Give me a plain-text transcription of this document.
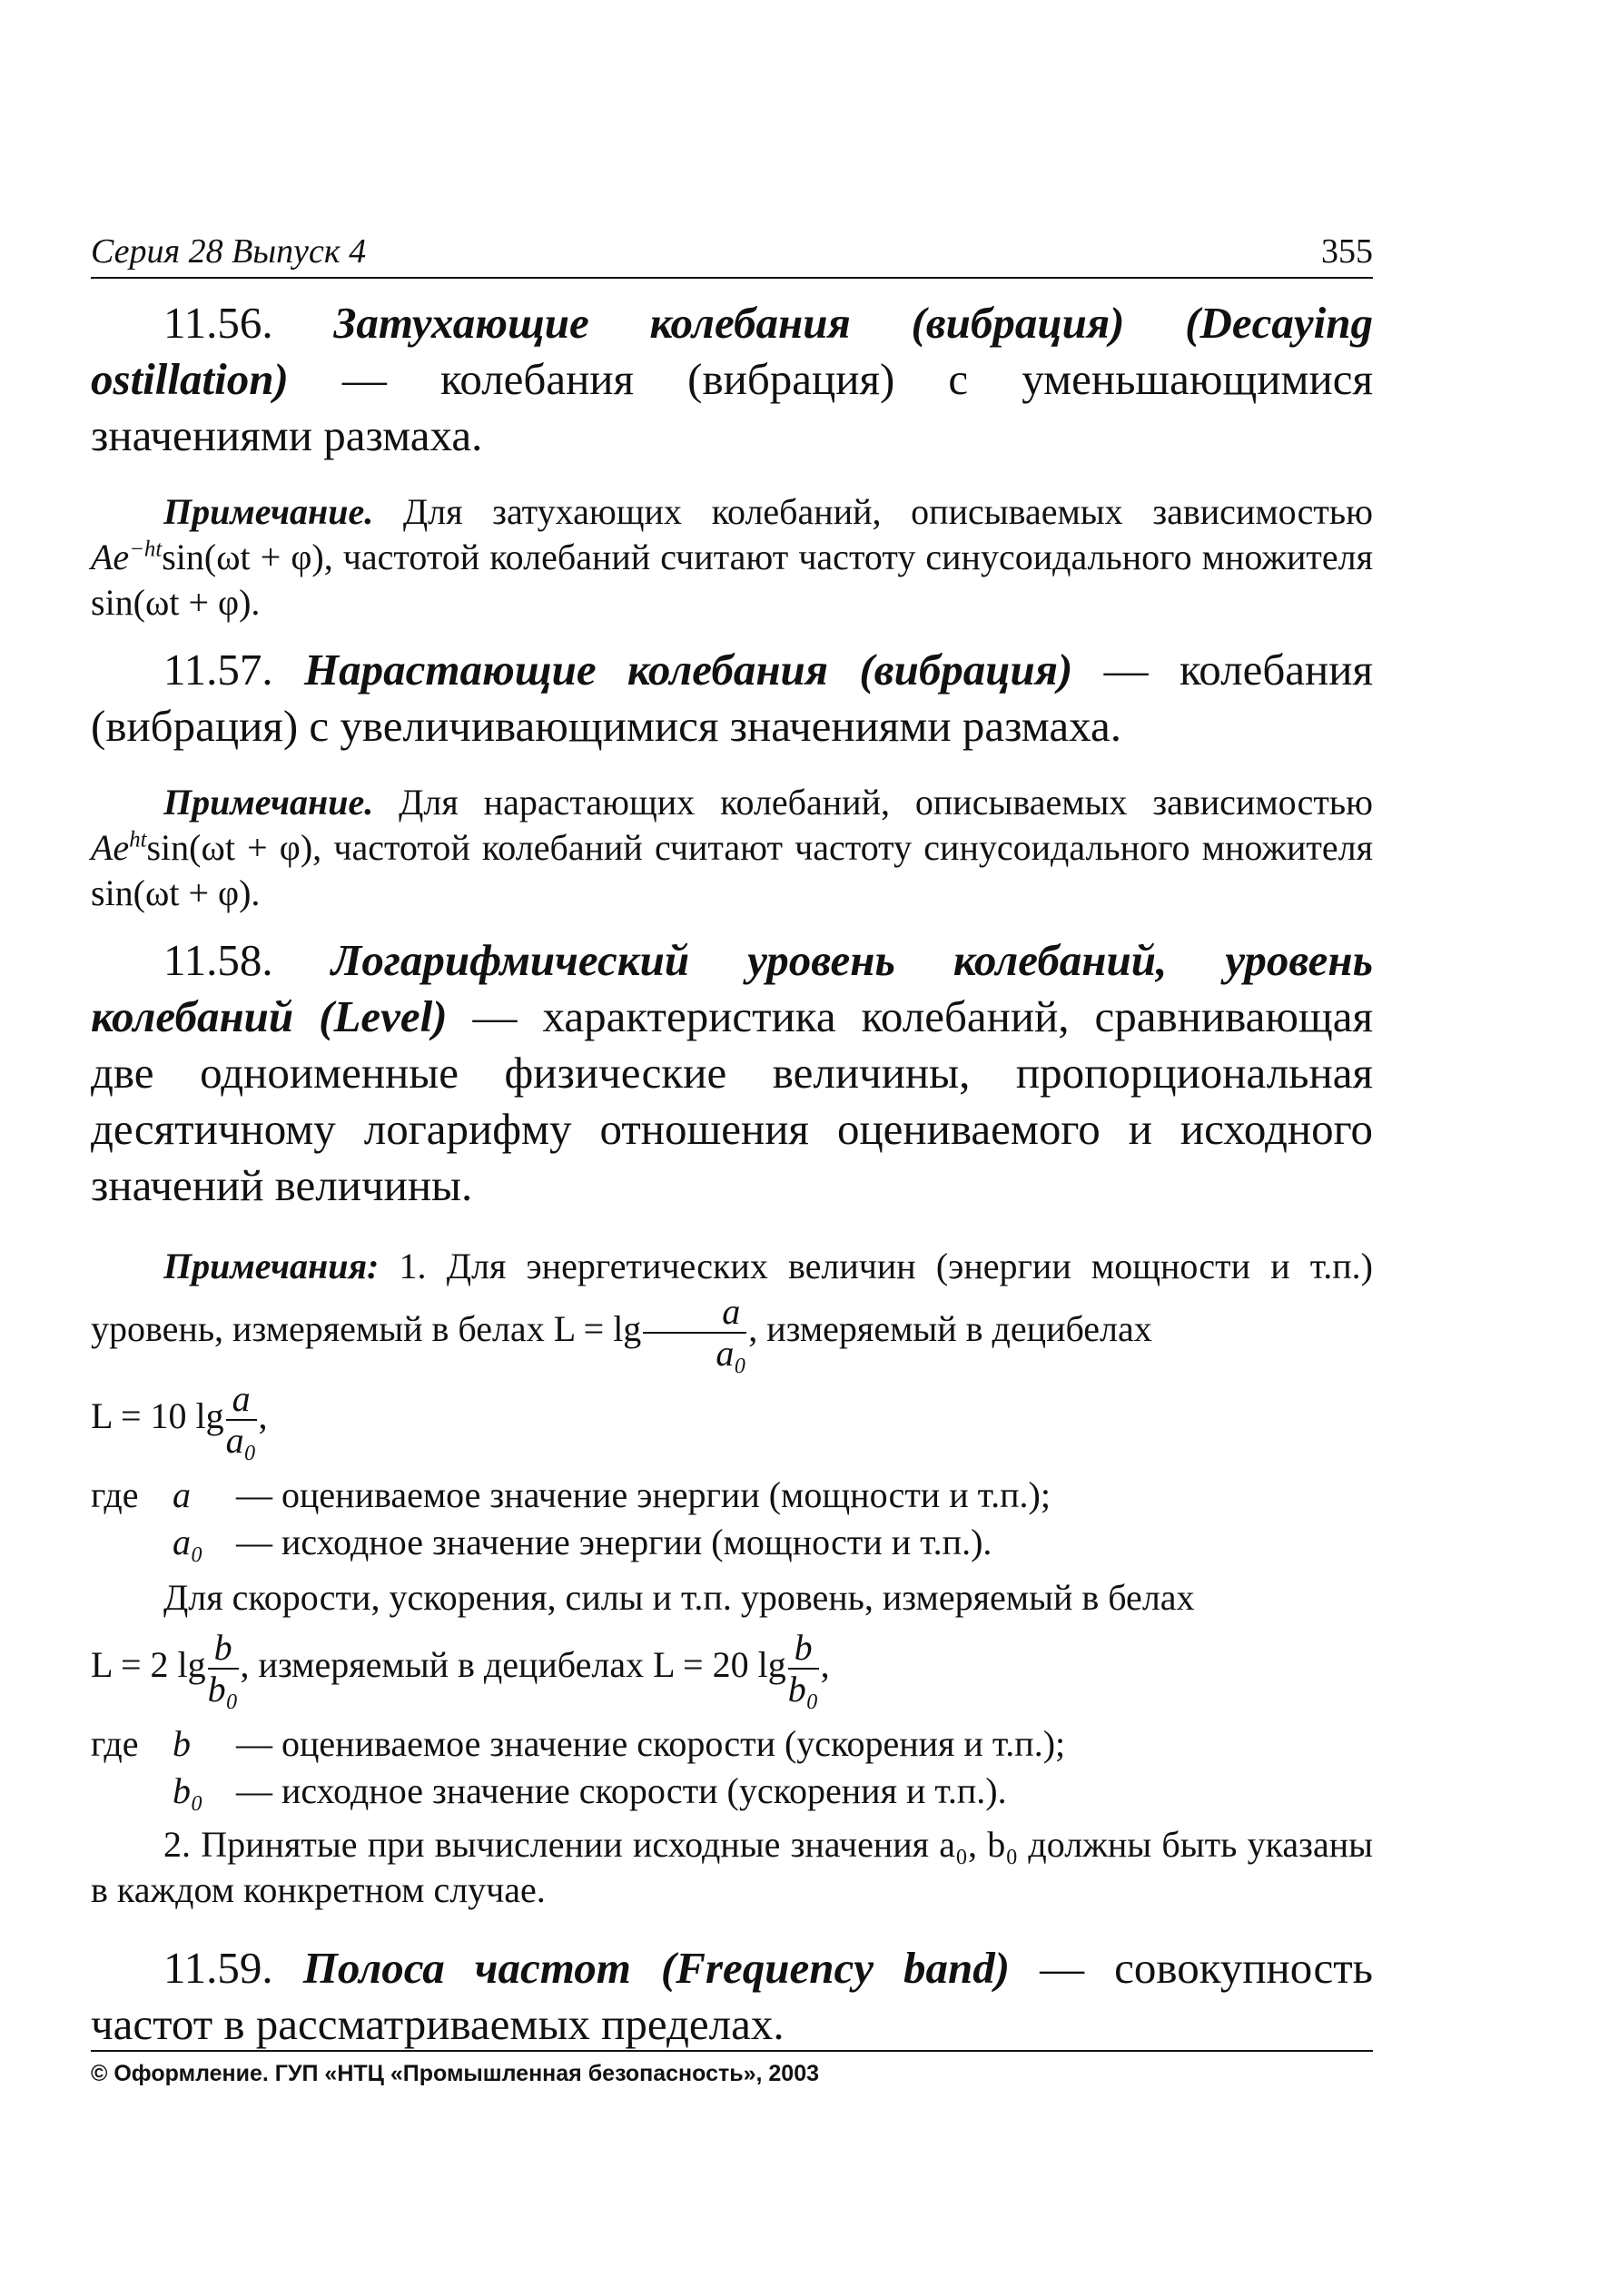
Серия 28 Выпуск 4	355

11.56. Затухающие колебания (вибрация) (Decaying ostillation) — колебания (вибрация) с уменьшающимися значениями размаха.

Примечание. Для затухающих колебаний, описываемых зависимостью $Ae^{-ht}\sin(\omega t + \varphi)$, частотой колебаний считают частоту синусоидального множителя sin(ωt + φ).

11.57. Нарастающие колебания (вибрация) — колебания (вибрация) с увеличивающимися значениями размаха.

Примечание. Для нарастающих колебаний, описываемых зависимостью $Ae^{ht}\sin(\omega t + \varphi)$, частотой колебаний считают частоту синусоидального множителя sin(ωt + φ).

11.58. Логарифмический уровень колебаний, уровень колебаний (Level) — характеристика колебаний, сравнивающая две одноименные физические величины, пропорциональная десятичному логарифму отношения оцениваемого и исходного значений величины.

Примечания: 1. Для энергетических величин (энергии мощности и т.п.) уровень, измеряемый в белах $L = \lg \frac{a}{\text{a₀}}$ , измеряемый в децибелах

L = 10 $\lg \frac{a}{\text{a₀}}$ ,

где a	— оцениваемое значение энергии (мощности и т.п.);
a₀ — исходное значение энергии (мощности и т.п.).

Для скорости, ускорения, силы и т.п. уровень, измеряемый в белах

L = 2 $\lg \frac{b}{\text{b₀}}$ , измеряемый в децибелах L = 20 $\lg \frac{b}{\text{b₀}}$ ,

где b	— оцениваемое значение скорости (ускорения и т.п.);
b₀ — исходное значение скорости (ускорения и т.п.).

2. Принятые при вычислении исходные значения a₀, b₀ должны быть указаны в каждом конкретном случае.

11.59. Полоса частот (Frequency band) — совокупность частот в рассматриваемых пределах.

© Оформление. ГУП «НТЦ «Промышленная безопасность», 2003
